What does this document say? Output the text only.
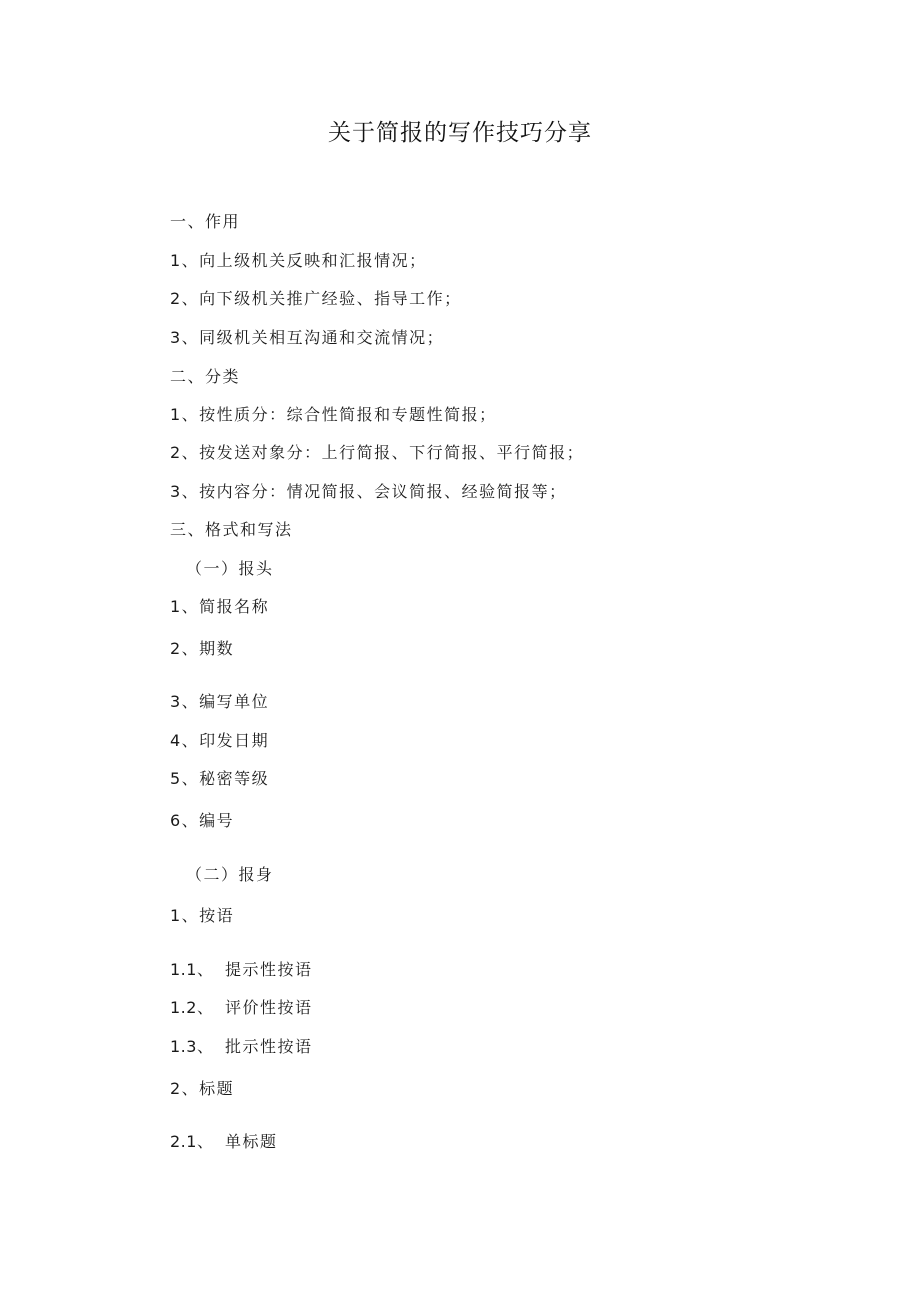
关于简报的写作技巧分享
一、作用
1、向上级机关反映和汇报情况；
2、向下级机关推广经验、指导工作；
3、同级机关相互沟通和交流情况；
二、分类
1、按性质分：综合性简报和专题性简报；
2、按发送对象分：上行简报、下行简报、平行简报；
3、按内容分：情况简报、会议简报、经验简报等；
三、格式和写法
（一）报头
1、简报名称
2、期数
3、编写单位
4、印发日期
5、秘密等级
6、编号
（二）报身
1、按语
1.1、 提示性按语
1.2、 评价性按语
1.3、 批示性按语
2、标题
2.1、 单标题
